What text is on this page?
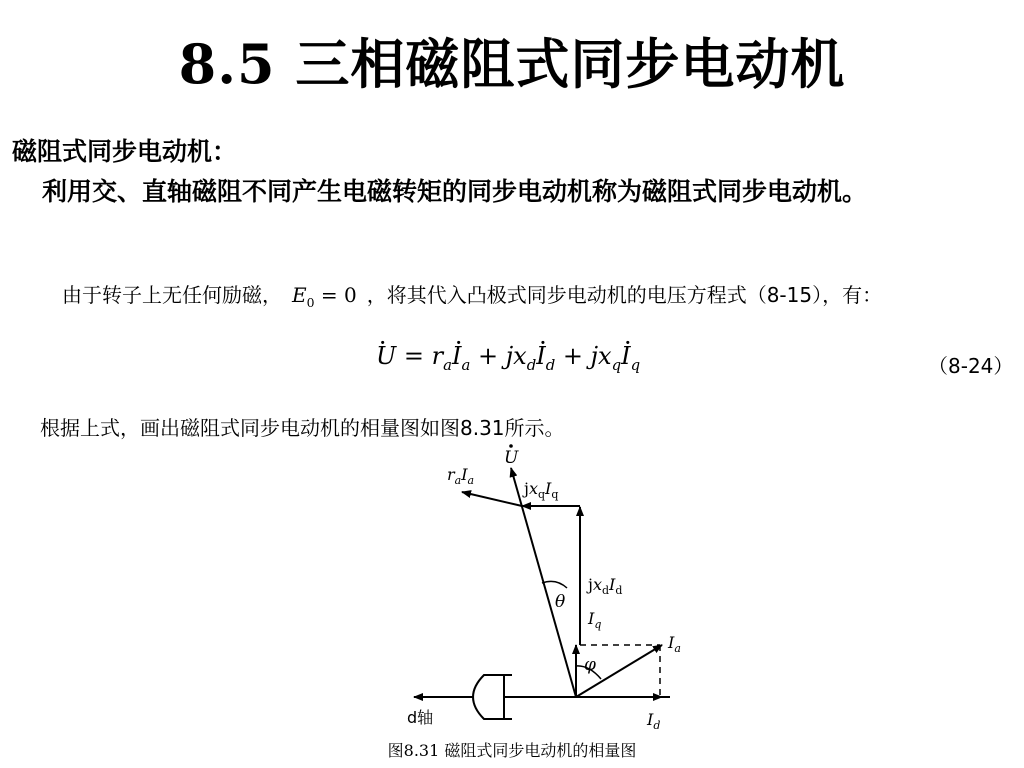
8.5 三相磁阻式同步电动机
磁阻式同步电动机：
利用交、直轴磁阻不同产生电磁转矩的同步电动机称为磁阻式同步电动机。
由于转子上无任何励磁， $E_0 = 0$ ，将其代入凸极式同步电动机的电压方程式（8-15），有：
· $U = r_a\cdot I_a + jx_d\cdot I_d + jx_q\cdot I_q$	（8-24）
根据上式，画出磁阻式同步电动机的相量图如图8.31所示。
U
$r_aI_a$	$jx_qI_q$
$jx_dI_d$
$I_q$
$I_a$
$I_d$
θ
φ
d轴
图8.31 磁阻式同步电动机的相量图
